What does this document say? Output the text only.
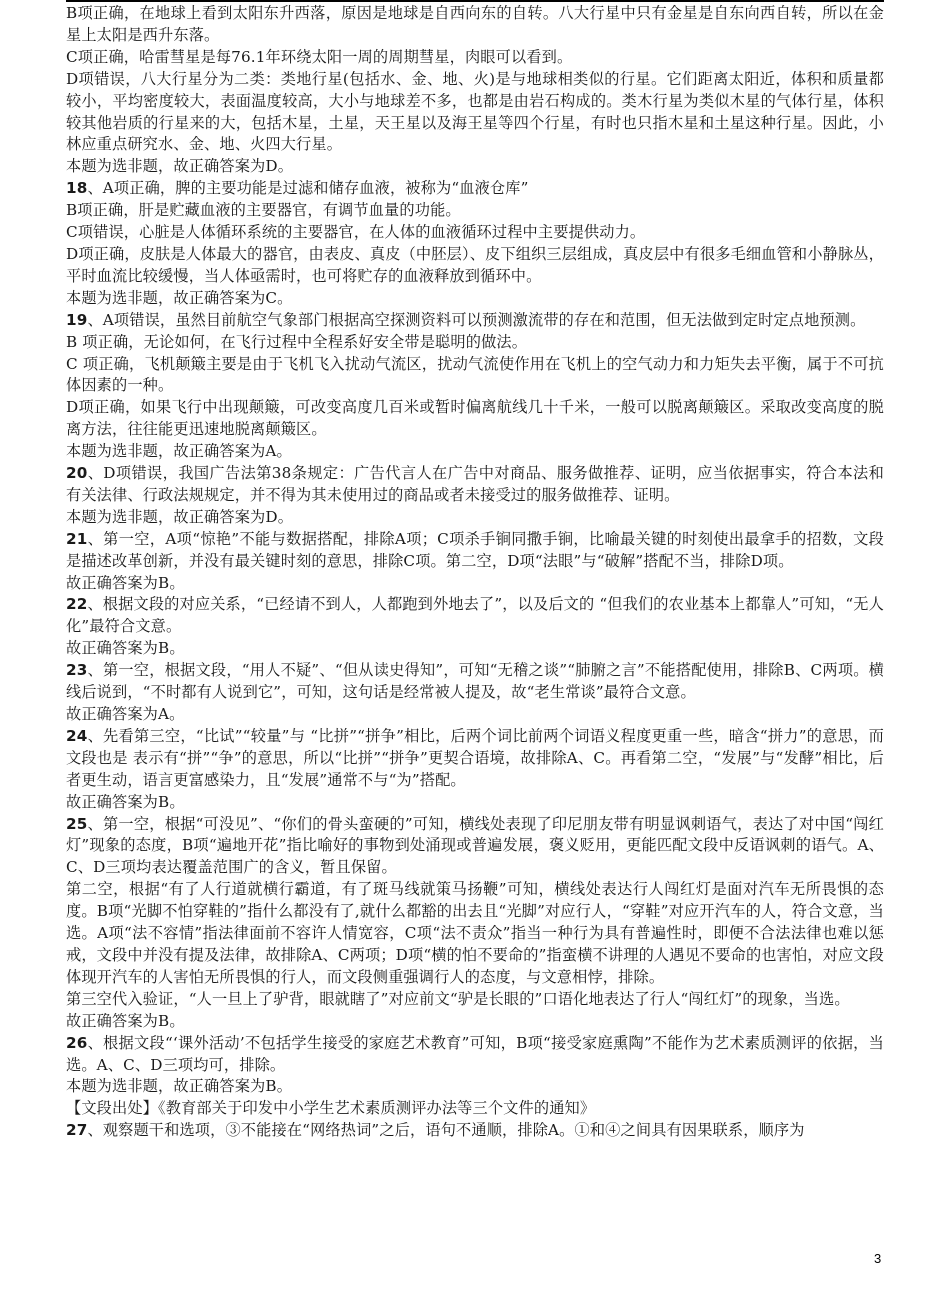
B项正确，在地球上看到太阳东升西落，原因是地球是自西向东的自转。八大行星中只有金星是自东向西自转，所以在金星上太阳是西升东落。

C项正确，哈雷彗星是每76.1年环绕太阳一周的周期彗星，肉眼可以看到。

D项错误，八大行星分为二类：类地行星(包括水、金、地、火)是与地球相类似的行星。它们距离太阳近，体积和质量都较小，平均密度较大，表面温度较高，大小与地球差不多，也都是由岩石构成的。类木行星为类似木星的气体行星，体积较其他岩质的行星来的大，包括木星，土星，天王星以及海王星等四个行星，有时也只指木星和土星这种行星。因此，小林应重点研究水、金、地、火四大行星。

本题为选非题，故正确答案为D。

18、A项正确，脾的主要功能是过滤和储存血液，被称为“血液仓库”

B项正确，肝是贮藏血液的主要器官，有调节血量的功能。

C项错误，心脏是人体循环系统的主要器官，在人体的血液循环过程中主要提供动力。

D项正确，皮肤是人体最大的器官，由表皮、真皮（中胚层）、皮下组织三层组成，真皮层中有很多毛细血管和小静脉丛，平时血流比较缓慢，当人体亟需时，也可将贮存的血液释放到循环中。

本题为选非题，故正确答案为C。

19、A项错误，虽然目前航空气象部门根据高空探测资料可以预测激流带的存在和范围，但无法做到定时定点地预测。

B 项正确，无论如何，在飞行过程中全程系好安全带是聪明的做法。

C 项正确，飞机颠簸主要是由于飞机飞入扰动气流区，扰动气流使作用在飞机上的空气动力和力矩失去平衡，属于不可抗体因素的一种。

D项正确，如果飞行中出现颠簸，可改变高度几百米或暂时偏离航线几十千米，一般可以脱离颠簸区。采取改变高度的脱离方法，往往能更迅速地脱离颠簸区。

本题为选非题，故正确答案为A。

20、D项错误，我国广告法第38条规定：广告代言人在广告中对商品、服务做推荐、证明，应当依据事实，符合本法和有关法律、行政法规规定，并不得为其未使用过的商品或者未接受过的服务做推荐、证明。

本题为选非题，故正确答案为D。

21、第一空，A项“惊艳”不能与数据搭配，排除A项；C项杀手锏同撒手锏，比喻最关键的时刻使出最拿手的招数，文段是描述改革创新，并没有最关键时刻的意思，排除C项。第二空，D项“法眼”与“破解”搭配不当，排除D项。

故正确答案为B。

22、根据文段的对应关系，“已经请不到人，人都跑到外地去了”，以及后文的 “但我们的农业基本上都靠人”可知，“无人化”最符合文意。

故正确答案为B。

23、第一空，根据文段，“用人不疑”、“但从读史得知”，可知“无稽之谈”“肺腑之言”不能搭配使用，排除B、C两项。横线后说到，“不时都有人说到它”，可知，这句话是经常被人提及，故“老生常谈”最符合文意。

故正确答案为A。

24、先看第三空，“比试”“较量”与 “比拼”“拼争”相比，后两个词比前两个词语义程度更重一些，暗含“拼力”的意思，而文段也是 表示有“拼”“争”的意思，所以“比拼”“拼争”更契合语境，故排除A、C。再看第二空，“发展”与“发酵”相比，后者更生动，语言更富感染力，且“发展”通常不与“为”搭配。

故正确答案为B。

25、第一空，根据“可没见”、“你们的骨头蛮硬的”可知，横线处表现了印尼朋友带有明显讽刺语气，表达了对中国“闯红灯”现象的态度，B项“遍地开花”指比喻好的事物到处涌现或普遍发展，褒义贬用，更能匹配文段中反语讽刺的语气。A、C、D三项均表达覆盖范围广的含义，暂且保留。

第二空，根据“有了人行道就横行霸道，有了斑马线就策马扬鞭”可知，横线处表达行人闯红灯是面对汽车无所畏惧的态度。B项“光脚不怕穿鞋的”指什么都没有了,就什么都豁的出去且“光脚”对应行人，“穿鞋”对应开汽车的人，符合文意，当选。A项“法不容情”指法律面前不容许人情宽容，C项“法不责众”指当一种行为具有普遍性时，即便不合法法律也难以惩戒，文段中并没有提及法律，故排除A、C两项；D项“横的怕不要命的”指蛮横不讲理的人遇见不要命的也害怕，对应文段体现开汽车的人害怕无所畏惧的行人，而文段侧重强调行人的态度，与文意相悖，排除。

第三空代入验证，“人一旦上了驴背，眼就瞎了”对应前文“驴是长眼的”口语化地表达了行人“闯红灯”的现象，当选。

故正确答案为B。

26、根据文段“‘课外活动’不包括学生接受的家庭艺术教育”可知，B项“接受家庭熏陶”不能作为艺术素质测评的依据，当选。A、C、D三项均可，排除。

本题为选非题，故正确答案为B。

【文段出处】《教育部关于印发中小学生艺术素质测评办法等三个文件的通知》

27、观察题干和选项，③不能接在“网络热词”之后，语句不通顺，排除A。①和④之间具有因果联系，顺序为

3
